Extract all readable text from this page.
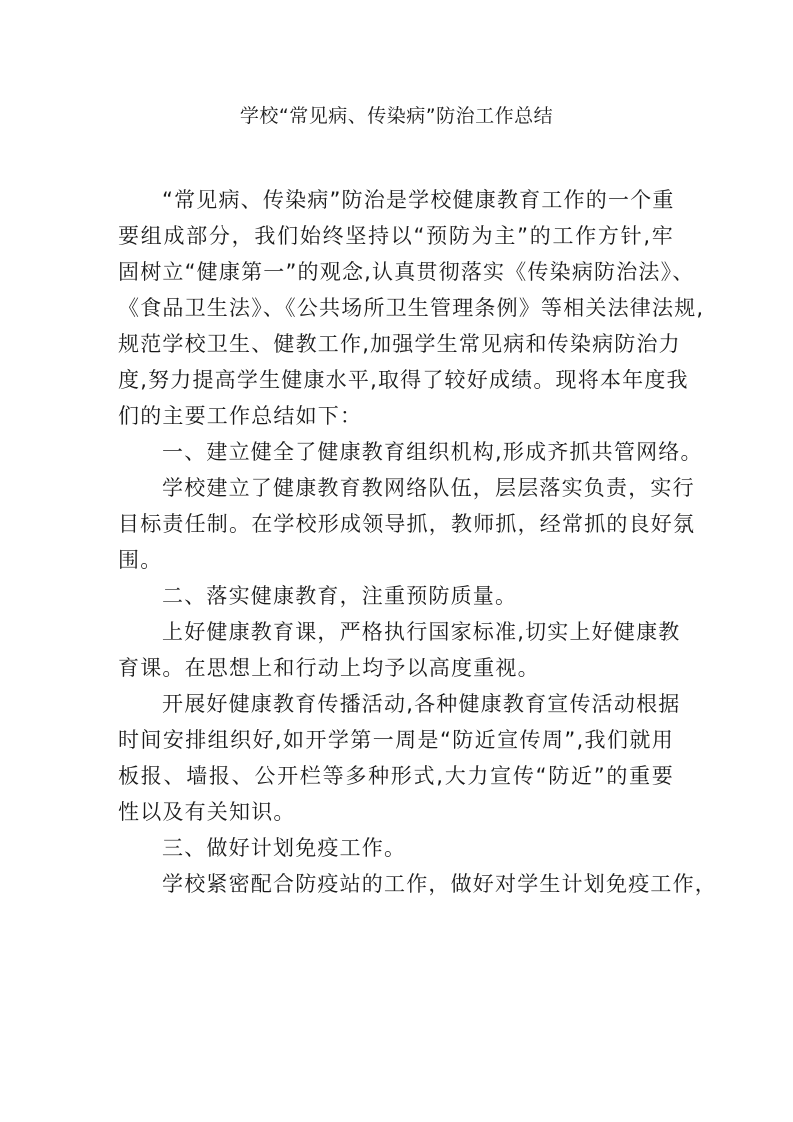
学校“常见病、传染病”防治工作总结

“常见病、传染病”防治是学校健康教育工作的一个重

要组成部分，我们始终坚持以“预防为主”的工作方针,牢

固树立“健康第一”的观念,认真贯彻落实《传染病防治法》、

《食品卫生法》、《公共场所卫生管理条例》等相关法律法规,

规范学校卫生、健教工作,加强学生常见病和传染病防治力

度,努力提高学生健康水平,取得了较好成绩。现将本年度我

们的主要工作总结如下：

一、建立健全了健康教育组织机构,形成齐抓共管网络。

学校建立了健康教育教网络队伍，层层落实负责，实行

目标责任制。在学校形成领导抓，教师抓，经常抓的良好氛

围。

二、落实健康教育，注重预防质量。

上好健康教育课，严格执行国家标准,切实上好健康教

育课。在思想上和行动上均予以高度重视。

开展好健康教育传播活动,各种健康教育宣传活动根据

时间安排组织好,如开学第一周是“防近宣传周”,我们就用

板报、墙报、公开栏等多种形式,大力宣传“防近”的重要

性以及有关知识。

三、做好计划免疫工作。

学校紧密配合防疫站的工作，做好对学生计划免疫工作，
